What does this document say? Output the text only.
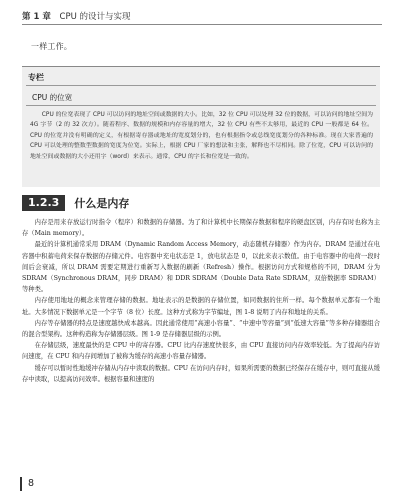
第 1 章 CPU 的设计与实现
一样工作。
专栏
CPU 的位宽
CPU 的位宽表现了 CPU 可以访问的地址空间或数据的大小。比如，32 位 CPU 可以处理 32 位的数据，可以访问的地址空间为 4G 字节（2 的 32 次方）。随着程序、数据的规模和内存容量的增大，32 位 CPU 有些不太够用，最近的 CPU 一般都是 64 位。CPU 的位宽并没有明确的定义，有根据寄存器或地址的宽度划分的，也有根据指令或总线宽度划分的各种标准。现在大家普遍的 CPU 可以处理的整数型数据的宽度为位宽。实际上，根据 CPU 厂家的想法和主张，解释也不尽相同。除了位宽，CPU 可以访问的地址空间或数据的大小还用字（word）来表示。通常，CPU 的字长和位宽是一致的。
1.2.3	什么是内存

内存是用来存放运行时指令（程序）和数据的存储器。为了和计算机中长期保存数据和程序的硬盘区别，内存有时也称为主存（Main memory）。

最近的计算机通常采用 DRAM（Dynamic Random Access Memory，动态随机存储器）作为内存。DRAM 是通过在电容器中积蓄电荷来保存数据的存储元件。电容器中充电状态是 1，放电状态是 0，以此来表示数值。由于电容器中的电荷一段时间后会衰减，所以 DRAM 需要定期进行重新写入数据的刷新（Refresh）操作。根据访问方式和规格的不同，DRAM 分为 SDRAM（Synchronous DRAM，同步 DRAM）和 DDR SDRAM（Double Data Rate SDRAM，双倍数据率 SDRAM）等种类。

内存使用地址的概念来管理存储的数据。地址表示的是数据的存储位置，如同数据的住所一样。每个数据单元都有一个地址。大多情况下数据单元是一个字节（8 位）长度。这种方式称为字节编址，图 1-8 说明了内存和地址的关系。

内存等存储器的特点是速度越快成本越高。因此通常使用“高速小容量”、“中速中等容量”到“低速大容量”等多种存储器组合的混合型架构。这种构造称为存储器层级。图 1-9 是存储器层级的示例。

在存储层级，速度最快的是 CPU 中的寄存器。CPU 比内存速度快很多，由 CPU 直接访问内存效率较低。为了提高内存访问速度，在 CPU 和内存间增加了被称为缓存的高速小容量存储器。

缓存可以暂时性地缓冲存储从内存中读取的数据。CPU 在访问内存时，如果所需要的数据已经保存在缓存中，则可直接从缓存中读取，以提高访问效率。根据容量和速度的

8
